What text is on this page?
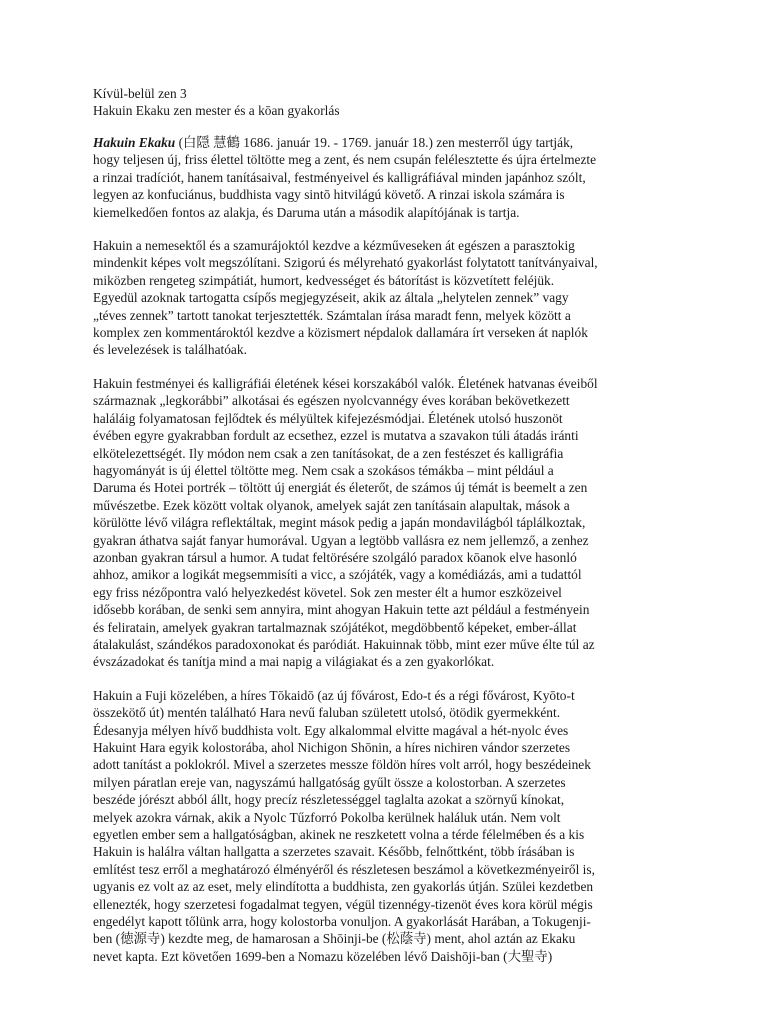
Kívül-belül zen 3

Hakuin Ekaku zen mester és a kōan gyakorlás

Hakuin Ekaku (白隠 慧鶴 1686. január 19. - 1769. január 18.) zen mesterről úgy tartják,
hogy teljesen új, friss élettel töltötte meg a zent, és nem csupán felélesztette és újra értelmezte
a rinzai tradíciót, hanem tanításaival, festményeivel és kalligráfiával minden japánhoz szólt,
legyen az konfuciánus, buddhista vagy sintō hitvilágú követő. A rinzai iskola számára is
kiemelkedően fontos az alakja, és Daruma után a második alapítójának is tartja.
Hakuin a nemesektől és a szamurájoktól kezdve a kézműveseken át egészen a parasztokig
mindenkit képes volt megszólítani. Szigorú és mélyreható gyakorlást folytatott tanítványaival,
miközben rengeteg szimpátiát, humort, kedvességet és bátorítást is közvetített feléjük.
Egyedül azoknak tartogatta csípős megjegyzéseit, akik az általa „helytelen zennek” vagy
„téves zennek” tartott tanokat terjesztették. Számtalan írása maradt fenn, melyek között a
komplex zen kommentároktól kezdve a közismert népdalok dallamára írt verseken át naplók
és levelezések is találhatóak.
Hakuin festményei és kalligráfiái életének kései korszakából valók. Életének hatvanas éveiből
származnak „legkorábbi” alkotásai és egészen nyolcvannégy éves korában bekövetkezett
haláláig folyamatosan fejlődtek és mélyültek kifejezésmódjai. Életének utolsó huszonöt
évében egyre gyakrabban fordult az ecsethez, ezzel is mutatva a szavakon túli átadás iránti
elkötelezettségét. Ily módon nem csak a zen tanításokat, de a zen festészet és kalligráfia
hagyományát is új élettel töltötte meg. Nem csak a szokásos témákba – mint például a
Daruma és Hotei portrék – töltött új energiát és életerőt, de számos új témát is beemelt a zen
művészetbe. Ezek között voltak olyanok, amelyek saját zen tanításain alapultak, mások a
körülötte lévő világra reflektáltak, megint mások pedig a japán mondavilágból táplálkoztak,
gyakran áthatva saját fanyar humorával. Ugyan a legtöbb vallásra ez nem jellemző, a zenhez
azonban gyakran társul a humor. A tudat feltörésére szolgáló paradox kōanok elve hasonló
ahhoz, amikor a logikát megsemmisíti a vicc, a szójáték, vagy a komédiázás, ami a tudattól
egy friss nézőpontra való helyezkedést követel. Sok zen mester élt a humor eszközeivel
idősebb korában, de senki sem annyira, mint ahogyan Hakuin tette azt például a festményein
és feliratain, amelyek gyakran tartalmaznak szójátékot, megdöbbentő képeket, ember-állat
átalakulást, szándékos paradoxonokat és paródiát. Hakuinnak több, mint ezer műve élte túl az
évszázadokat és tanítja mind a mai napig a világiakat és a zen gyakorlókat.
Hakuin a Fuji közelében, a híres Tōkaidō (az új fővárost, Edo-t és a régi fővárost, Kyōto-t
összekötő út) mentén található Hara nevű faluban született utolsó, ötödik gyermekként.
Édesanyja mélyen hívő buddhista volt. Egy alkalommal elvitte magával a hét-nyolc éves
Hakuint Hara egyik kolostorába, ahol Nichigon Shōnin, a híres nichiren vándor szerzetes
adott tanítást a poklokról. Mivel a szerzetes messze földön híres volt arról, hogy beszédeinek
milyen páratlan ereje van, nagyszámú hallgatóság gyűlt össze a kolostorban. A szerzetes
beszéde jórészt abból állt, hogy precíz részletességgel taglalta azokat a szörnyű kínokat,
melyek azokra várnak, akik a Nyolc Tűzforró Pokolba kerülnek haláluk után. Nem volt
egyetlen ember sem a hallgatóságban, akinek ne reszketett volna a térde félelmében és a kis
Hakuin is halálra váltan hallgatta a szerzetes szavait. Később, felnőttként, több írásában is
említést tesz erről a meghatározó élményéről és részletesen beszámol a következményeiről is,
ugyanis ez volt az az eset, mely elindította a buddhista, zen gyakorlás útján. Szülei kezdetben
ellenezték, hogy szerzetesi fogadalmat tegyen, végül tizennégy-tizenöt éves kora körül mégis
engedélyt kapott tőlünk arra, hogy kolostorba vonuljon. A gyakorlását Harában, a Tokugenji-
ben (徳源寺) kezdte meg, de hamarosan a Shōinji-be (松蔭寺) ment, ahol aztán az Ekaku
nevet kapta. Ezt követően 1699-ben a Nomazu közelében lévő Daishōji-ban (大聖寺)
